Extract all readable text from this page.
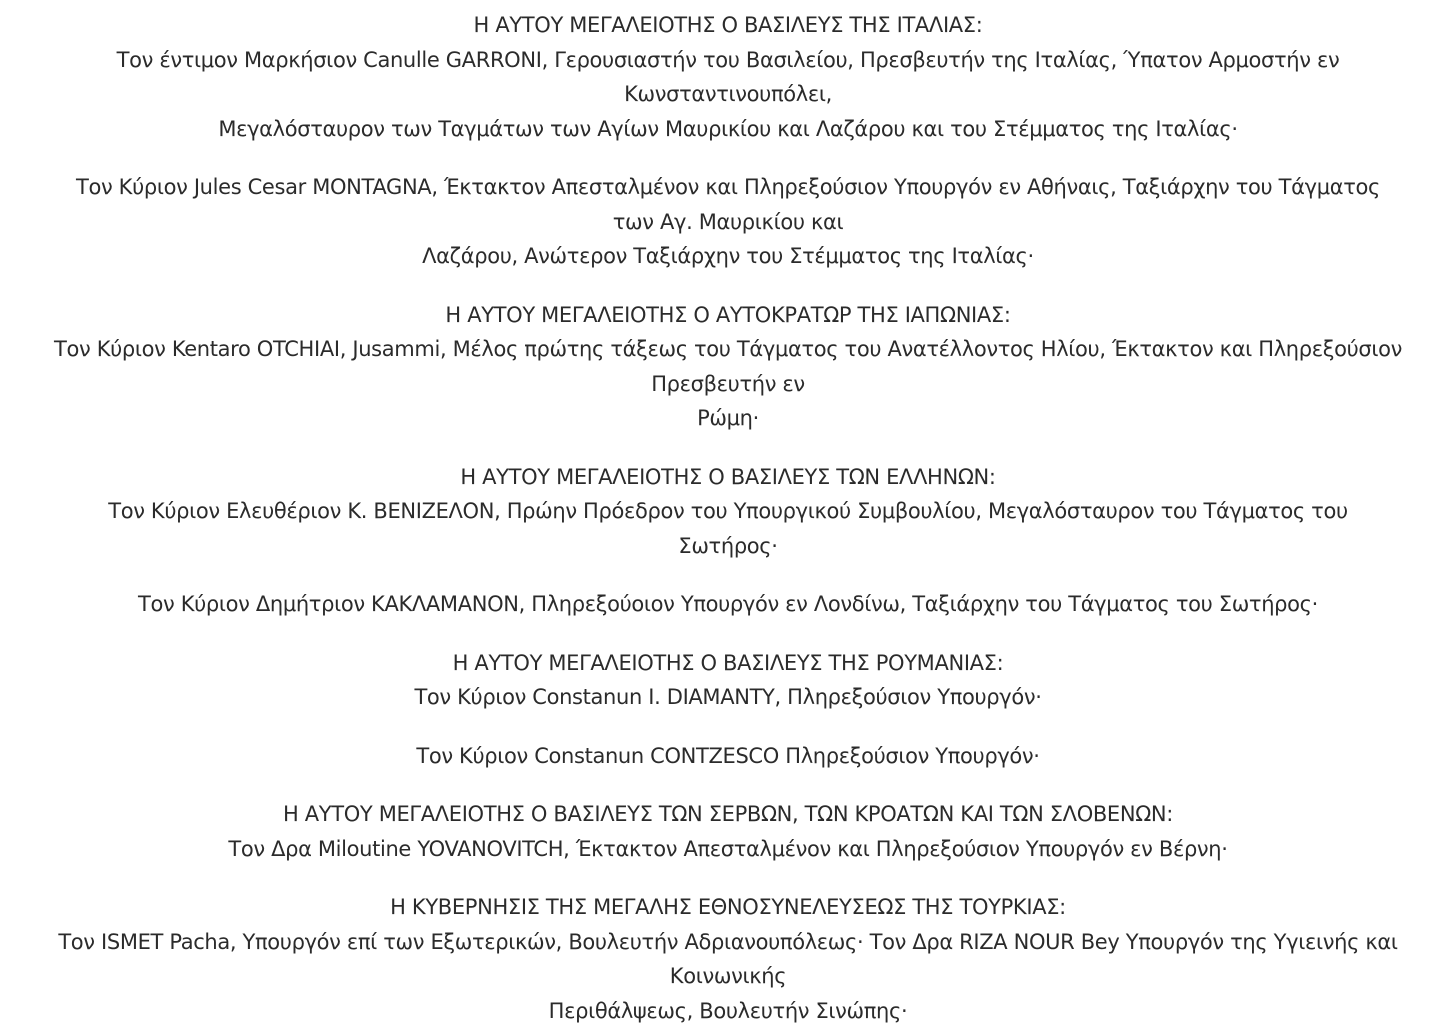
Η ΑΥΤΟΥ ΜΕΓΑΛΕΙΟΤΗΣ Ο ΒΑΣΙΛΕΥΣ ΤΗΣ ΙΤΑΛΙΑΣ:
Τον έντιμον Μαρκήσιον Canulle GARRONI, Γερουσιαστήν του Βασιλείου, Πρεσβευτήν της Ιταλίας, Ύπατον Αρμοστήν εν
Κωνσταντινουπόλει,
Μεγαλόσταυρον των Ταγμάτων των Αγίων Μαυρικίου και Λαζάρου και του Στέμματος της Ιταλίας·

Τον Κύριον Jules Cesar MONTAGNA, Έκτακτον Απεσταλμένον και Πληρεξούσιον Υπουργόν εν Αθήναις, Ταξιάρχην του Τάγματος
των Αγ. Μαυρικίου και
Λαζάρου, Ανώτερον Ταξιάρχην του Στέμματος της Ιταλίας·

Η ΑΥΤΟΥ ΜΕΓΑΛΕΙΟΤΗΣ Ο ΑΥΤΟΚΡΑΤΩΡ ΤΗΣ ΙΑΠΩΝΙΑΣ:
Τον Κύριον Kentaro OTCHIAI, Jusammi, Μέλος πρώτης τάξεως του Τάγματος του Ανατέλλοντος Ηλίου, Έκτακτον και Πληρεξούσιον
Πρεσβευτήν εν
Ρώμη·

Η ΑΥΤΟΥ ΜΕΓΑΛΕΙΟΤΗΣ Ο ΒΑΣΙΛΕΥΣ ΤΩΝ ΕΛΛΗΝΩΝ:
Τον Κύριον Ελευθέριον Κ. ΒΕΝΙΖΕΛΟΝ, Πρώην Πρόεδρον του Υπουργικού Συμβουλίου, Μεγαλόσταυρον του Τάγματος του
Σωτήρος·

Τον Κύριον Δημήτριον ΚΑΚΛΑΜΑΝΟΝ, Πληρεξούοιον Υπουργόν εν Λονδίνω, Ταξιάρχην του Τάγματος του Σωτήρος·

Η ΑΥΤΟΥ ΜΕΓΑΛΕΙΟΤΗΣ Ο ΒΑΣΙΛΕΥΣ ΤΗΣ ΡΟΥΜΑΝΙΑΣ:
Τον Κύριον Constanun I. DIAMANTY, Πληρεξούσιον Υπουργόν·

Τον Κύριον Constanun CONTZESCO Πληρεξούσιον Υπουργόν·

Η ΑΥΤΟΥ ΜΕΓΑΛΕΙΟΤΗΣ Ο ΒΑΣΙΛΕΥΣ ΤΩΝ ΣΕΡΒΩΝ, ΤΩΝ ΚΡΟΑΤΩΝ ΚΑΙ ΤΩΝ ΣΛΟΒΕΝΩΝ:
Τον Δρα Miloutine YOVANOVITCH, Έκτακτον Απεσταλμένον και Πληρεξούσιον Υπουργόν εν Βέρνη·

Η ΚΥΒΕΡΝΗΣΙΣ ΤΗΣ ΜΕΓΑΛΗΣ ΕΘΝΟΣΥΝΕΛΕΥΣΕΩΣ ΤΗΣ ΤΟΥΡΚΙΑΣ:
Τον ISMET Pacha, Υπουργόν επί των Εξωτερικών, Βουλευτήν Αδριανουπόλεως· Τον Δρα RIZA NOUR Bey Υπουργόν της Υγιεινής και
Κοινωνικής
Περιθάλψεως, Βουλευτήν Σινώπης·
